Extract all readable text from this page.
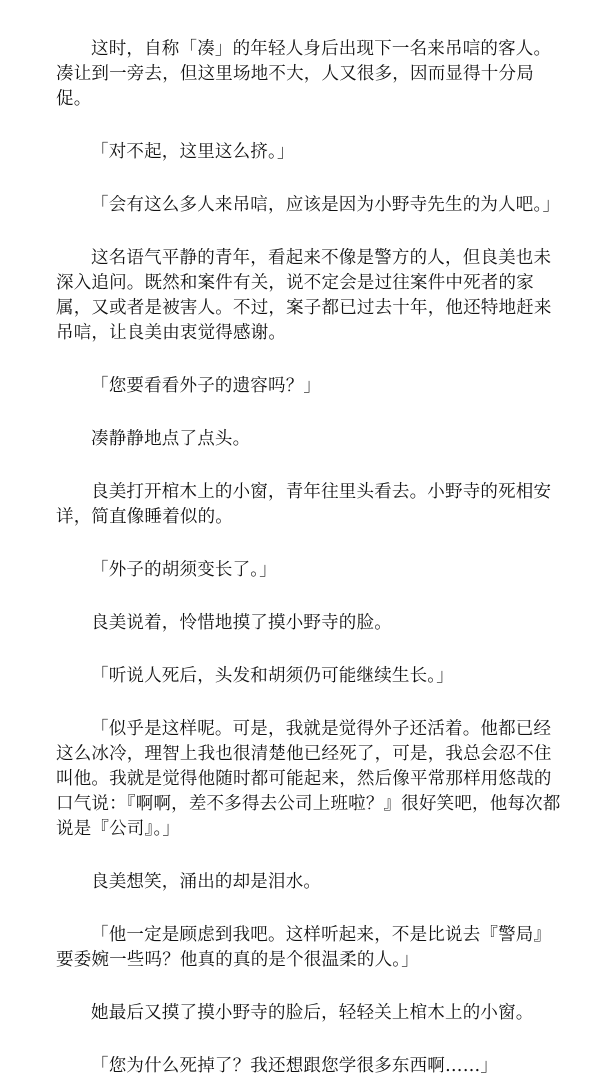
这时，自称「凑」的年轻人身后出现下一名来吊唁的客人。凑让到一旁去，但这里场地不大，人又很多，因而显得十分局促。

「对不起，这里这么挤。」

「会有这么多人来吊唁，应该是因为小野寺先生的为人吧。」

这名语气平静的青年，看起来不像是警方的人，但良美也未深入追问。既然和案件有关，说不定会是过往案件中死者的家属，又或者是被害人。不过，案子都已过去十年，他还特地赶来吊唁，让良美由衷觉得感谢。

「您要看看外子的遗容吗？」

凑静静地点了点头。

良美打开棺木上的小窗，青年往里头看去。小野寺的死相安详，简直像睡着似的。

「外子的胡须变长了。」

良美说着，怜惜地摸了摸小野寺的脸。

「听说人死后，头发和胡须仍可能继续生长。」

「似乎是这样呢。可是，我就是觉得外子还活着。他都已经这么冰冷，理智上我也很清楚他已经死了，可是，我总会忍不住叫他。我就是觉得他随时都可能起来，然后像平常那样用悠哉的口气说：『啊啊，差不多得去公司上班啦？』很好笑吧，他每次都说是『公司』。」

良美想笑，涌出的却是泪水。

「他一定是顾虑到我吧。这样听起来，不是比说去『警局』要委婉一些吗？他真的真的是个很温柔的人。」

她最后又摸了摸小野寺的脸后，轻轻关上棺木上的小窗。

「您为什么死掉了？我还想跟您学很多东西啊……」
